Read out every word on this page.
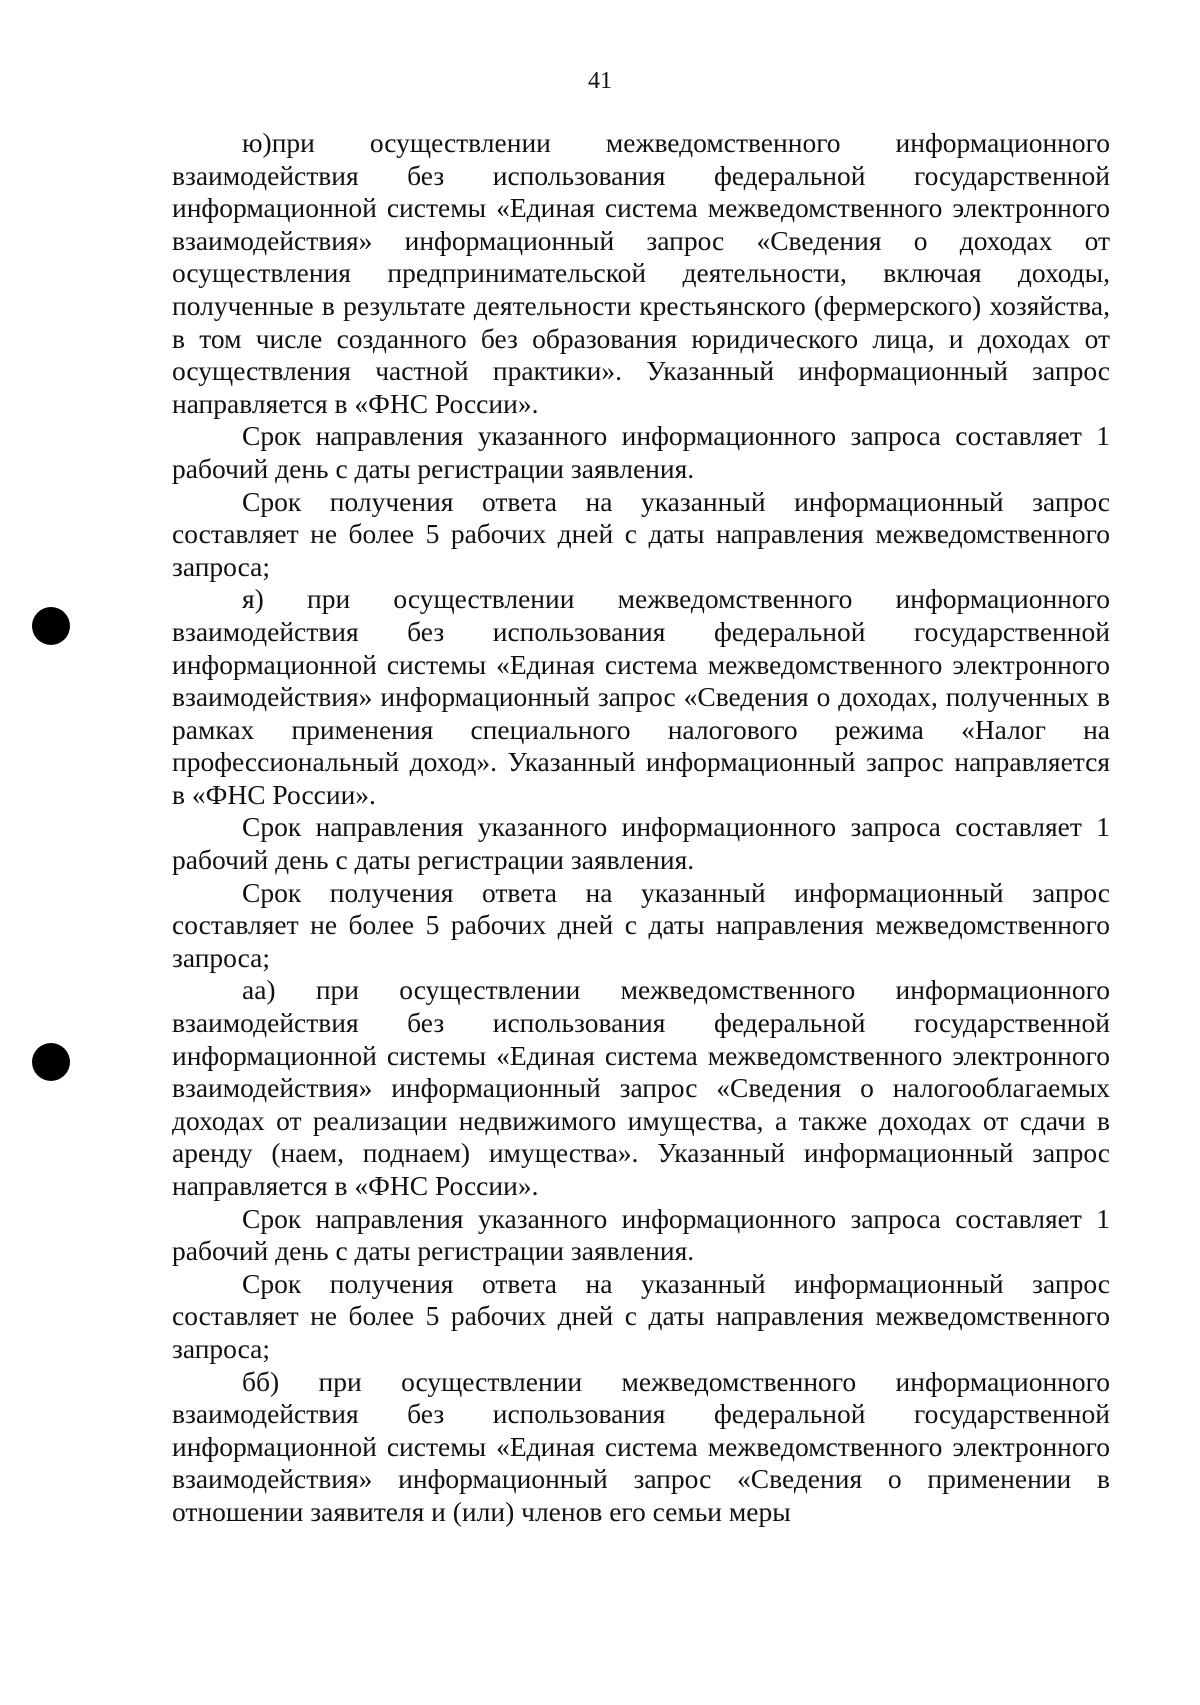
41

ю)при осуществлении межведомственного информационного взаимодействия без использования федеральной государственной информационной системы «Единая система межведомственного электронного взаимодействия» информационный запрос «Сведения о доходах от осуществления предпринимательской деятельности, включая доходы, полученные в результате деятельности крестьянского (фермерского) хозяйства, в том числе созданного без образования юридического лица, и доходах от осуществления частной практики». Указанный информационный запрос направляется в «ФНС России».

Срок направления указанного информационного запроса составляет 1 рабочий день с даты регистрации заявления.

Срок получения ответа на указанный информационный запрос составляет не более 5 рабочих дней с даты направления межведомственного запроса;

я) при осуществлении межведомственного информационного взаимодействия без использования федеральной государственной информационной системы «Единая система межведомственного электронного взаимодействия» информационный запрос «Сведения о доходах, полученных в рамках применения специального налогового режима «Налог на профессиональный доход». Указанный информационный запрос направляется в «ФНС России».

Срок направления указанного информационного запроса составляет 1 рабочий день с даты регистрации заявления.

Срок получения ответа на указанный информационный запрос составляет не более 5 рабочих дней с даты направления межведомственного запроса;

аа) при осуществлении межведомственного информационного взаимодействия без использования федеральной государственной информационной системы «Единая система межведомственного электронного взаимодействия» информационный запрос «Сведения о налогооблагаемых доходах от реализации недвижимого имущества, а также доходах от сдачи в аренду (наем, поднаем) имущества». Указанный информационный запрос направляется в «ФНС России».

Срок направления указанного информационного запроса составляет 1 рабочий день с даты регистрации заявления.

Срок получения ответа на указанный информационный запрос составляет не более 5 рабочих дней с даты направления межведомственного запроса;

бб) при осуществлении межведомственного информационного взаимодействия без использования федеральной государственной информационной системы «Единая система межведомственного электронного взаимодействия» информационный запрос «Сведения о применении в отношении заявителя и (или) членов его семьи меры
